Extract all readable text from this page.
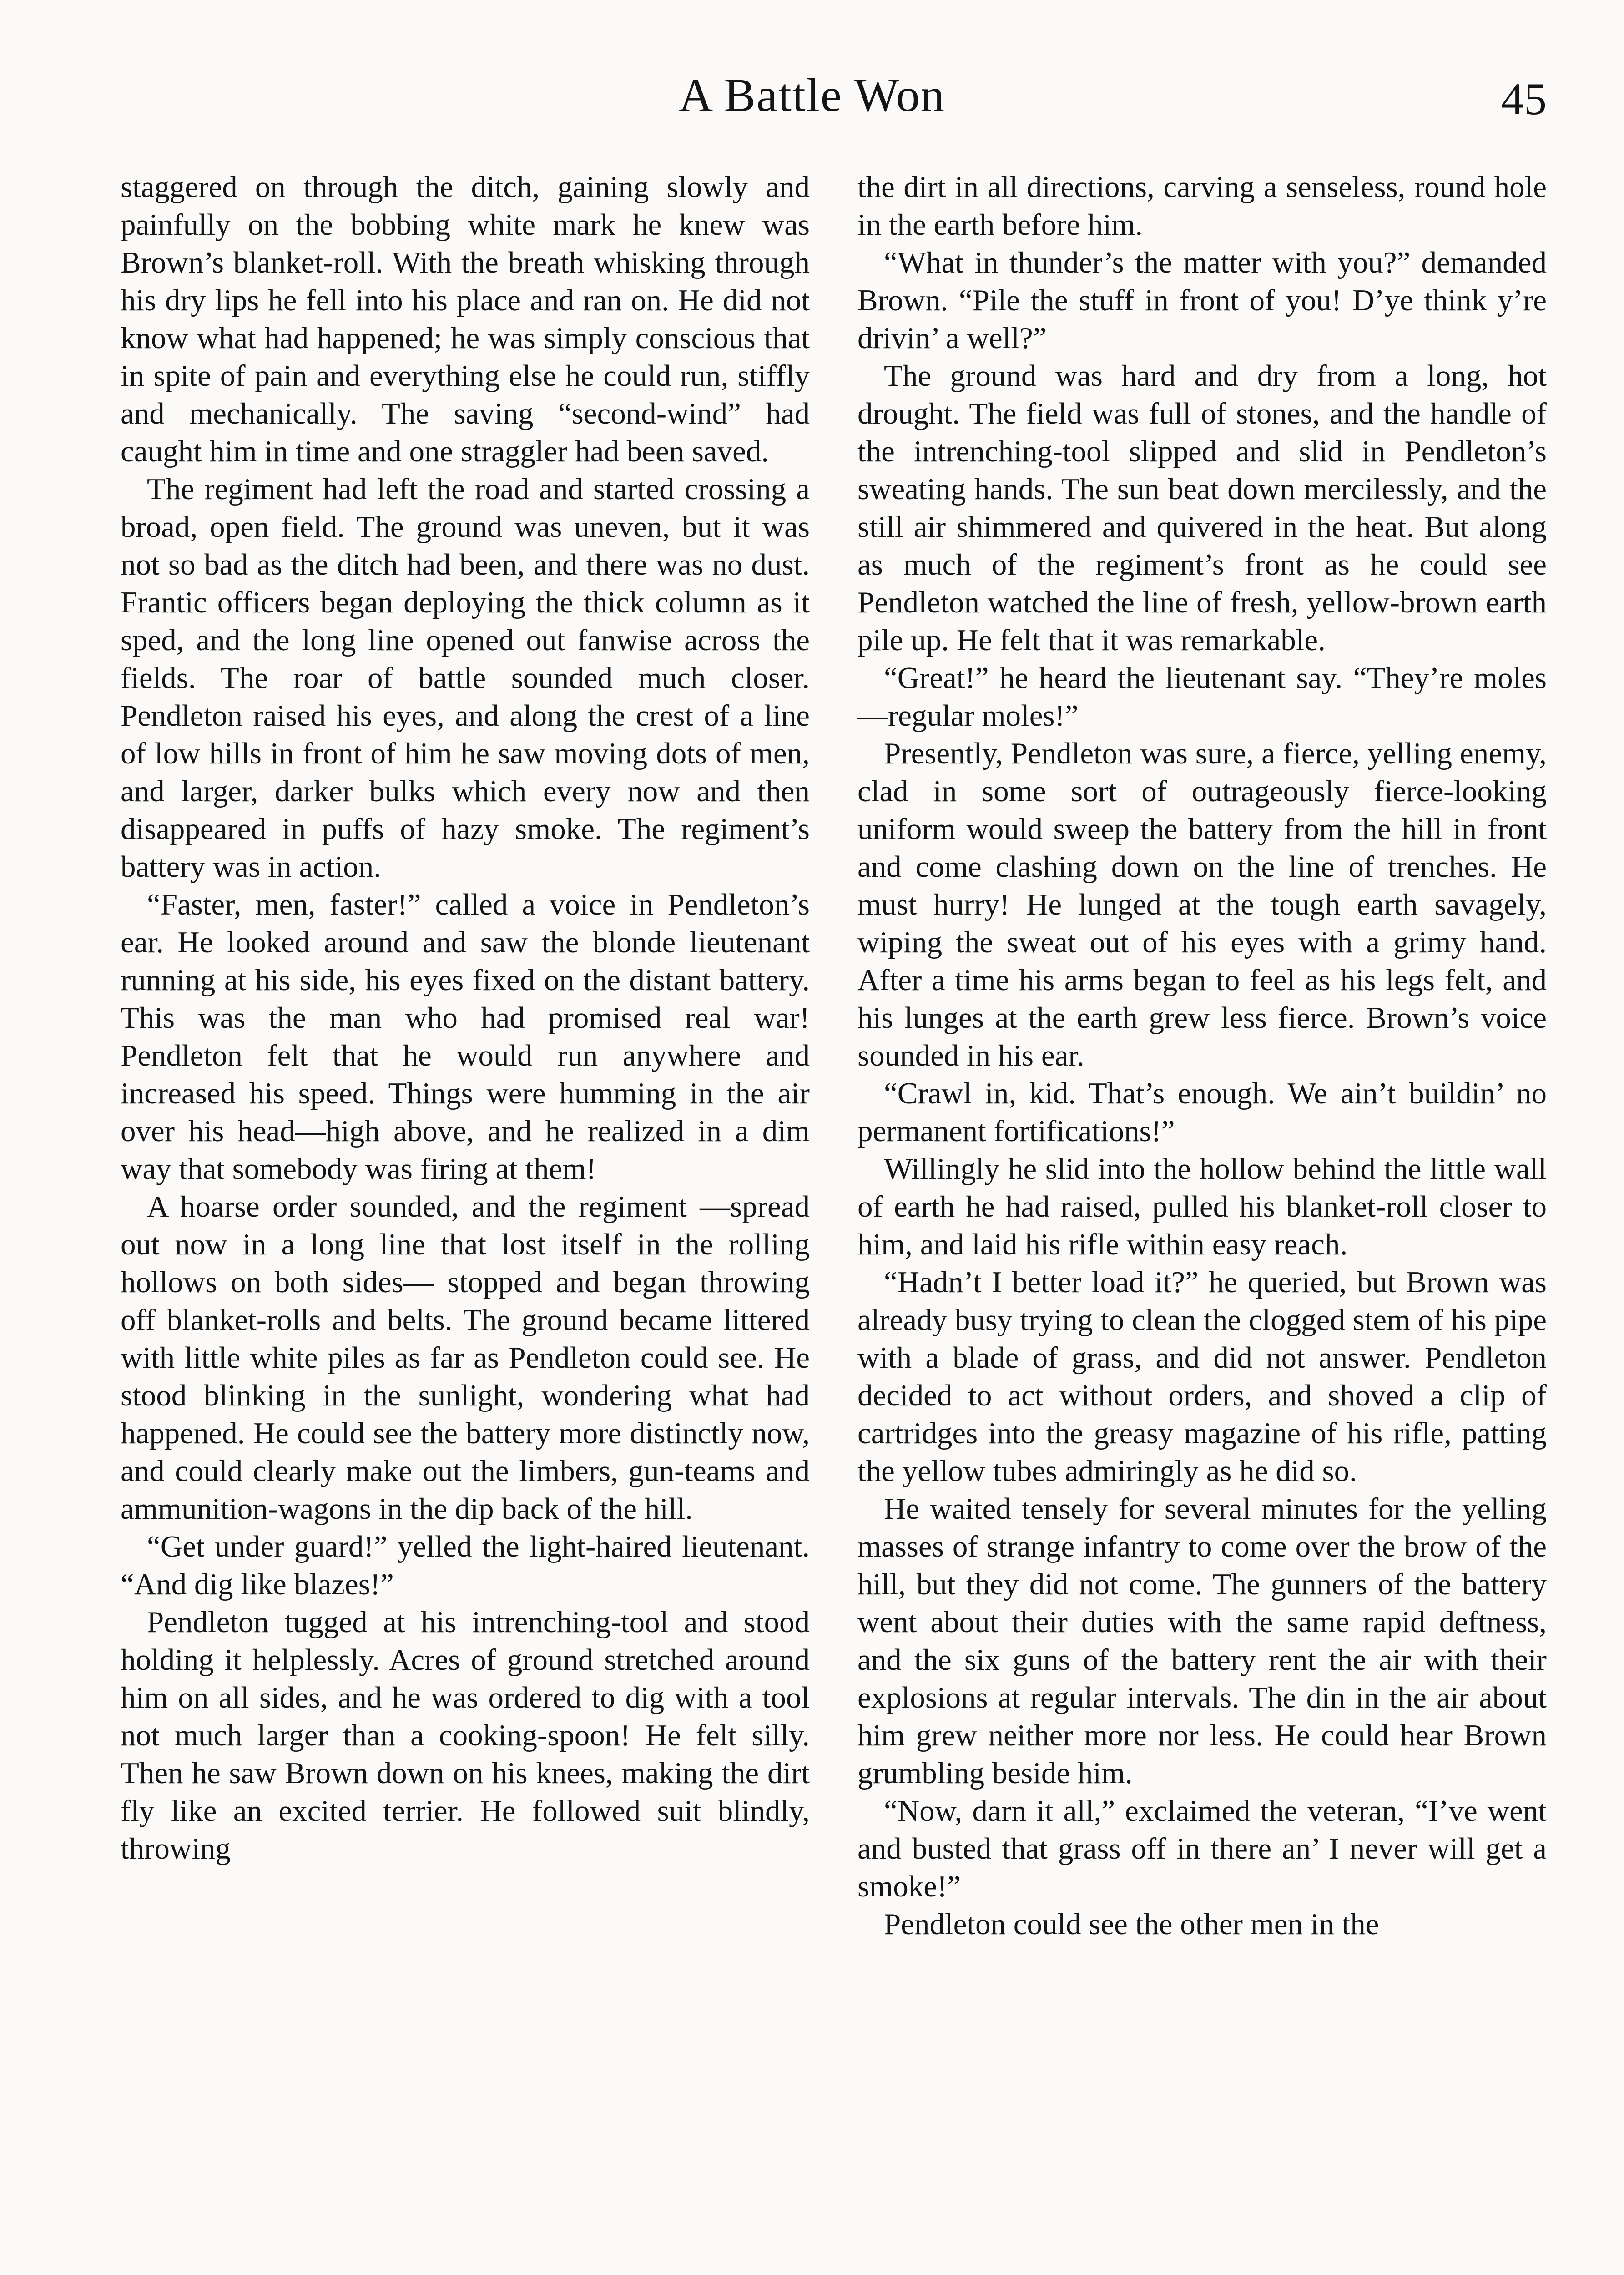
A Battle Won	45

staggered on through the ditch, gaining slowly and painfully on the bobbing white mark he knew was Brown’s blanket-roll. With the breath whisking through his dry lips he fell into his place and ran on. He did not know what had happened; he was simply conscious that in spite of pain and everything else he could run, stiffly and mechanically. The saving “second-wind” had caught him in time and one straggler had been saved.

The regiment had left the road and started crossing a broad, open field. The ground was uneven, but it was not so bad as the ditch had been, and there was no dust. Frantic officers began deploying the thick column as it sped, and the long line opened out fanwise across the fields. The roar of battle sounded much closer. Pendleton raised his eyes, and along the crest of a line of low hills in front of him he saw moving dots of men, and larger, darker bulks which every now and then disappeared in puffs of hazy smoke. The regiment’s battery was in action.

“Faster, men, faster!” called a voice in Pendleton’s ear. He looked around and saw the blonde lieutenant running at his side, his eyes fixed on the distant battery. This was the man who had promised real war! Pendleton felt that he would run anywhere and increased his speed. Things were humming in the air over his head—high above, and he realized in a dim way that somebody was firing at them!

A hoarse order sounded, and the regiment —spread out now in a long line that lost itself in the rolling hollows on both sides— stopped and began throwing off blanket-rolls and belts. The ground became littered with little white piles as far as Pendleton could see. He stood blinking in the sunlight, wondering what had happened. He could see the battery more distinctly now, and could clearly make out the limbers, gun-teams and ammunition-wagons in the dip back of the hill.

“Get under guard!” yelled the light-haired lieutenant. “And dig like blazes!”

Pendleton tugged at his intrenching-tool and stood holding it helplessly. Acres of ground stretched around him on all sides, and he was ordered to dig with a tool not much larger than a cooking-spoon! He felt silly. Then he saw Brown down on his knees, making the dirt fly like an excited terrier. He followed suit blindly, throwing

the dirt in all directions, carving a senseless, round hole in the earth before him.

“What in thunder’s the matter with you?” demanded Brown. “Pile the stuff in front of you! D’ye think y’re drivin’ a well?”

The ground was hard and dry from a long, hot drought. The field was full of stones, and the handle of the intrenching-tool slipped and slid in Pendleton’s sweating hands. The sun beat down mercilessly, and the still air shimmered and quivered in the heat. But along as much of the regiment’s front as he could see Pendleton watched the line of fresh, yellow-brown earth pile up. He felt that it was remarkable.

“Great!” he heard the lieutenant say. “They’re moles—regular moles!”

Presently, Pendleton was sure, a fierce, yelling enemy, clad in some sort of outrageously fierce-looking uniform would sweep the battery from the hill in front and come clashing down on the line of trenches. He must hurry! He lunged at the tough earth savagely, wiping the sweat out of his eyes with a grimy hand. After a time his arms began to feel as his legs felt, and his lunges at the earth grew less fierce. Brown’s voice sounded in his ear.

“Crawl in, kid. That’s enough. We ain’t buildin’ no permanent fortifications!”

Willingly he slid into the hollow behind the little wall of earth he had raised, pulled his blanket-roll closer to him, and laid his rifle within easy reach.

“Hadn’t I better load it?” he queried, but Brown was already busy trying to clean the clogged stem of his pipe with a blade of grass, and did not answer. Pendleton decided to act without orders, and shoved a clip of cartridges into the greasy magazine of his rifle, patting the yellow tubes admiringly as he did so.

He waited tensely for several minutes for the yelling masses of strange infantry to come over the brow of the hill, but they did not come. The gunners of the battery went about their duties with the same rapid deftness, and the six guns of the battery rent the air with their explosions at regular intervals. The din in the air about him grew neither more nor less. He could hear Brown grumbling beside him.

“Now, darn it all,” exclaimed the veteran, “I’ve went and busted that grass off in there an’ I never will get a smoke!”

Pendleton could see the other men in the
